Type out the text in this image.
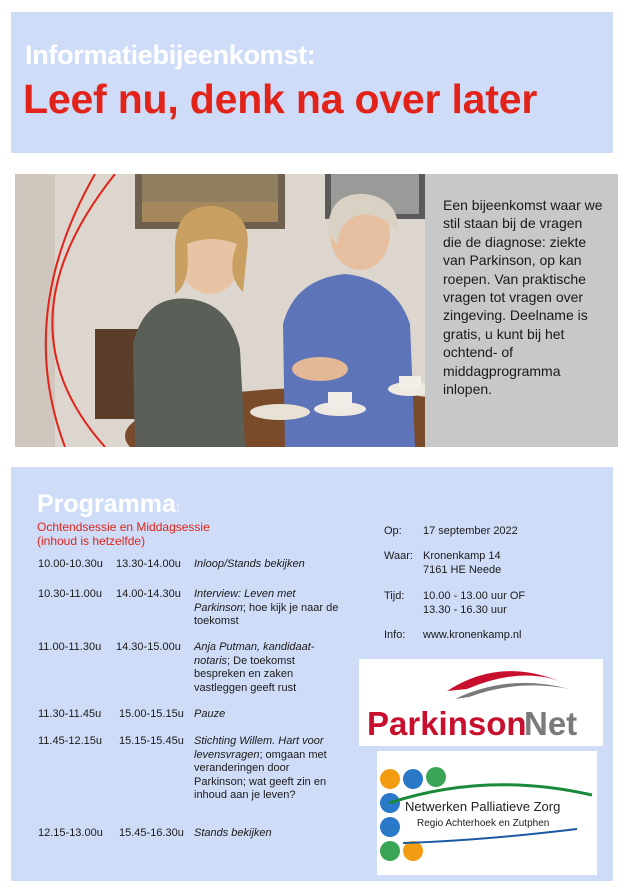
Informatiebijeenkomst:
Leef nu, denk na over later

Een bijeenkomst waar we stil staan bij de vragen die de diagnose: ziekte van Parkinson, op kan roepen. Van praktische vragen tot vragen over zingeving. Deelname is gratis, u kunt bij het ochtend- of middagprogramma inlopen.

Programma:
Ochtendsessie en Middagsessie
(inhoud is hetzelfde)
10.00-10.30u 13.30-14.00u Inloop/Stands bekijken
10.30-11.00u 14.00-14.30u Interview: Leven met Parkinson; hoe kijk je naar de toekomst
11.00-11.30u 14.30-15.00u Anja Putman, kandidaat-notaris; De toekomst bespreken en zaken vastleggen geeft rust
11.30-11.45u 15.00-15.15u Pauze
11.45-12.15u 15.15-15.45u Stichting Willem. Hart voor levensvragen; omgaan met veranderingen door Parkinson; wat geeft zin en inhoud aan je leven?
12.15-13.00u 15.45-16.30u Stands bekijken
Op: 17 september 2022
Waar: Kronenkamp 14
7161 HE Neede
Tijd: 10.00 - 13.00 uur OF
13.30 - 16.30 uur
Info: www.kronenkamp.nl
Parkinson
Net
Netwerken Palliatieve Zorg
Regio Achterhoek en Zutphen
